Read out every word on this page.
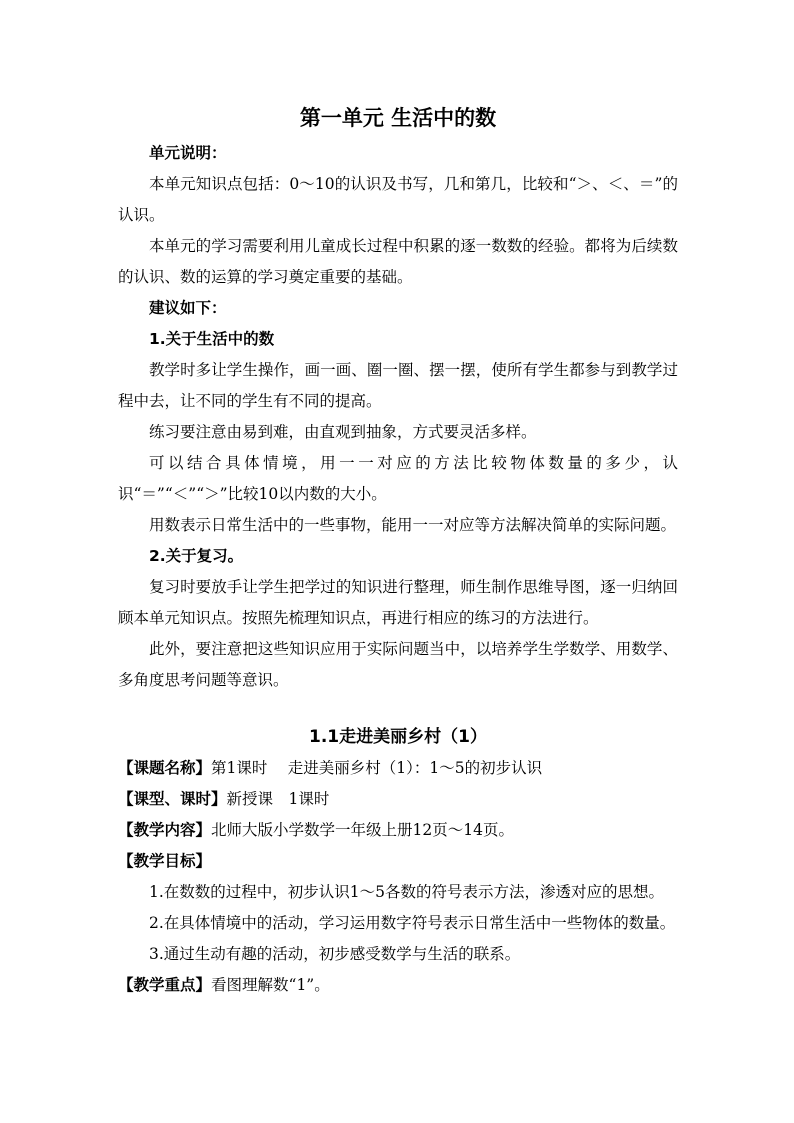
第一单元 生活中的数

单元说明：

本单元知识点包括：0～10的认识及书写，几和第几，比较和“＞、＜、＝”的认识。

本单元的学习需要利用儿童成长过程中积累的逐一数数的经验。都将为后续数的认识、数的运算的学习奠定重要的基础。

建议如下：

1.关于生活中的数

教学时多让学生操作，画一画、圈一圈、摆一摆，使所有学生都参与到教学过程中去，让不同的学生有不同的提高。

练习要注意由易到难，由直观到抽象，方式要灵活多样。

可以结合具体情境，用一一对应的方法比较物体数量的多少，认识“＝”“＜”“＞”比较10以内数的大小。

用数表示日常生活中的一些事物，能用一一对应等方法解决简单的实际问题。

2.关于复习。

复习时要放手让学生把学过的知识进行整理，师生制作思维导图，逐一归纳回顾本单元知识点。按照先梳理知识点，再进行相应的练习的方法进行。

此外，要注意把这些知识应用于实际问题当中，以培养学生学数学、用数学、多角度思考问题等意识。

1.1走进美丽乡村（1）

【课题名称】第1课时　 走进美丽乡村（1）：1～5的初步认识

【课型、课时】新授课　1课时

【教学内容】北师大版小学数学一年级上册12页～14页。

【教学目标】

1.在数数的过程中，初步认识1～5各数的符号表示方法，渗透对应的思想。

2.在具体情境中的活动，学习运用数字符号表示日常生活中一些物体的数量。

3.通过生动有趣的活动，初步感受数学与生活的联系。

【教学重点】看图理解数“1”。
